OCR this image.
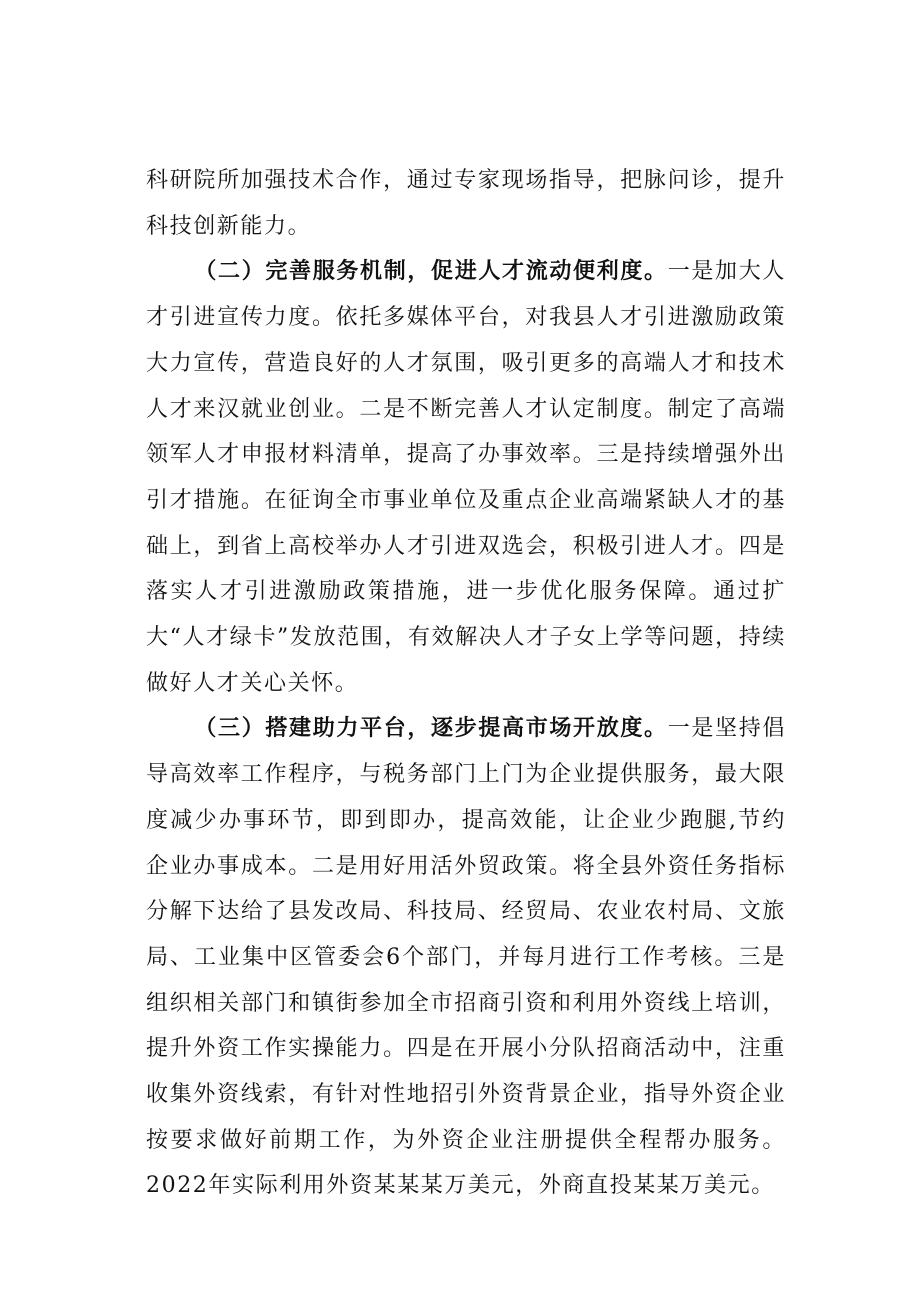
科研院所加强技术合作，通过专家现场指导，把脉问诊，提升科技创新能力。

（二）完善服务机制，促进人才流动便利度。一是加大人才引进宣传力度。依托多媒体平台，对我县人才引进激励政策大力宣传，营造良好的人才氛围，吸引更多的高端人才和技术人才来汉就业创业。二是不断完善人才认定制度。制定了高端领军人才申报材料清单，提高了办事效率。三是持续增强外出引才措施。在征询全市事业单位及重点企业高端紧缺人才的基础上，到省上高校举办人才引进双选会，积极引进人才。四是落实人才引进激励政策措施，进一步优化服务保障。通过扩大“人才绿卡”发放范围，有效解决人才子女上学等问题，持续做好人才关心关怀。

（三）搭建助力平台，逐步提高市场开放度。一是坚持倡导高效率工作程序，与税务部门上门为企业提供服务，最大限度减少办事环节，即到即办，提高效能，让企业少跑腿,节约企业办事成本。二是用好用活外贸政策。将全县外资任务指标分解下达给了县发改局、科技局、经贸局、农业农村局、文旅局、工业集中区管委会6个部门，并每月进行工作考核。三是组织相关部门和镇街参加全市招商引资和利用外资线上培训，提升外资工作实操能力。四是在开展小分队招商活动中，注重收集外资线索，有针对性地招引外资背景企业，指导外资企业按要求做好前期工作，为外资企业注册提供全程帮办服务。2022年实际利用外资某某某万美元，外商直投某某万美元。
